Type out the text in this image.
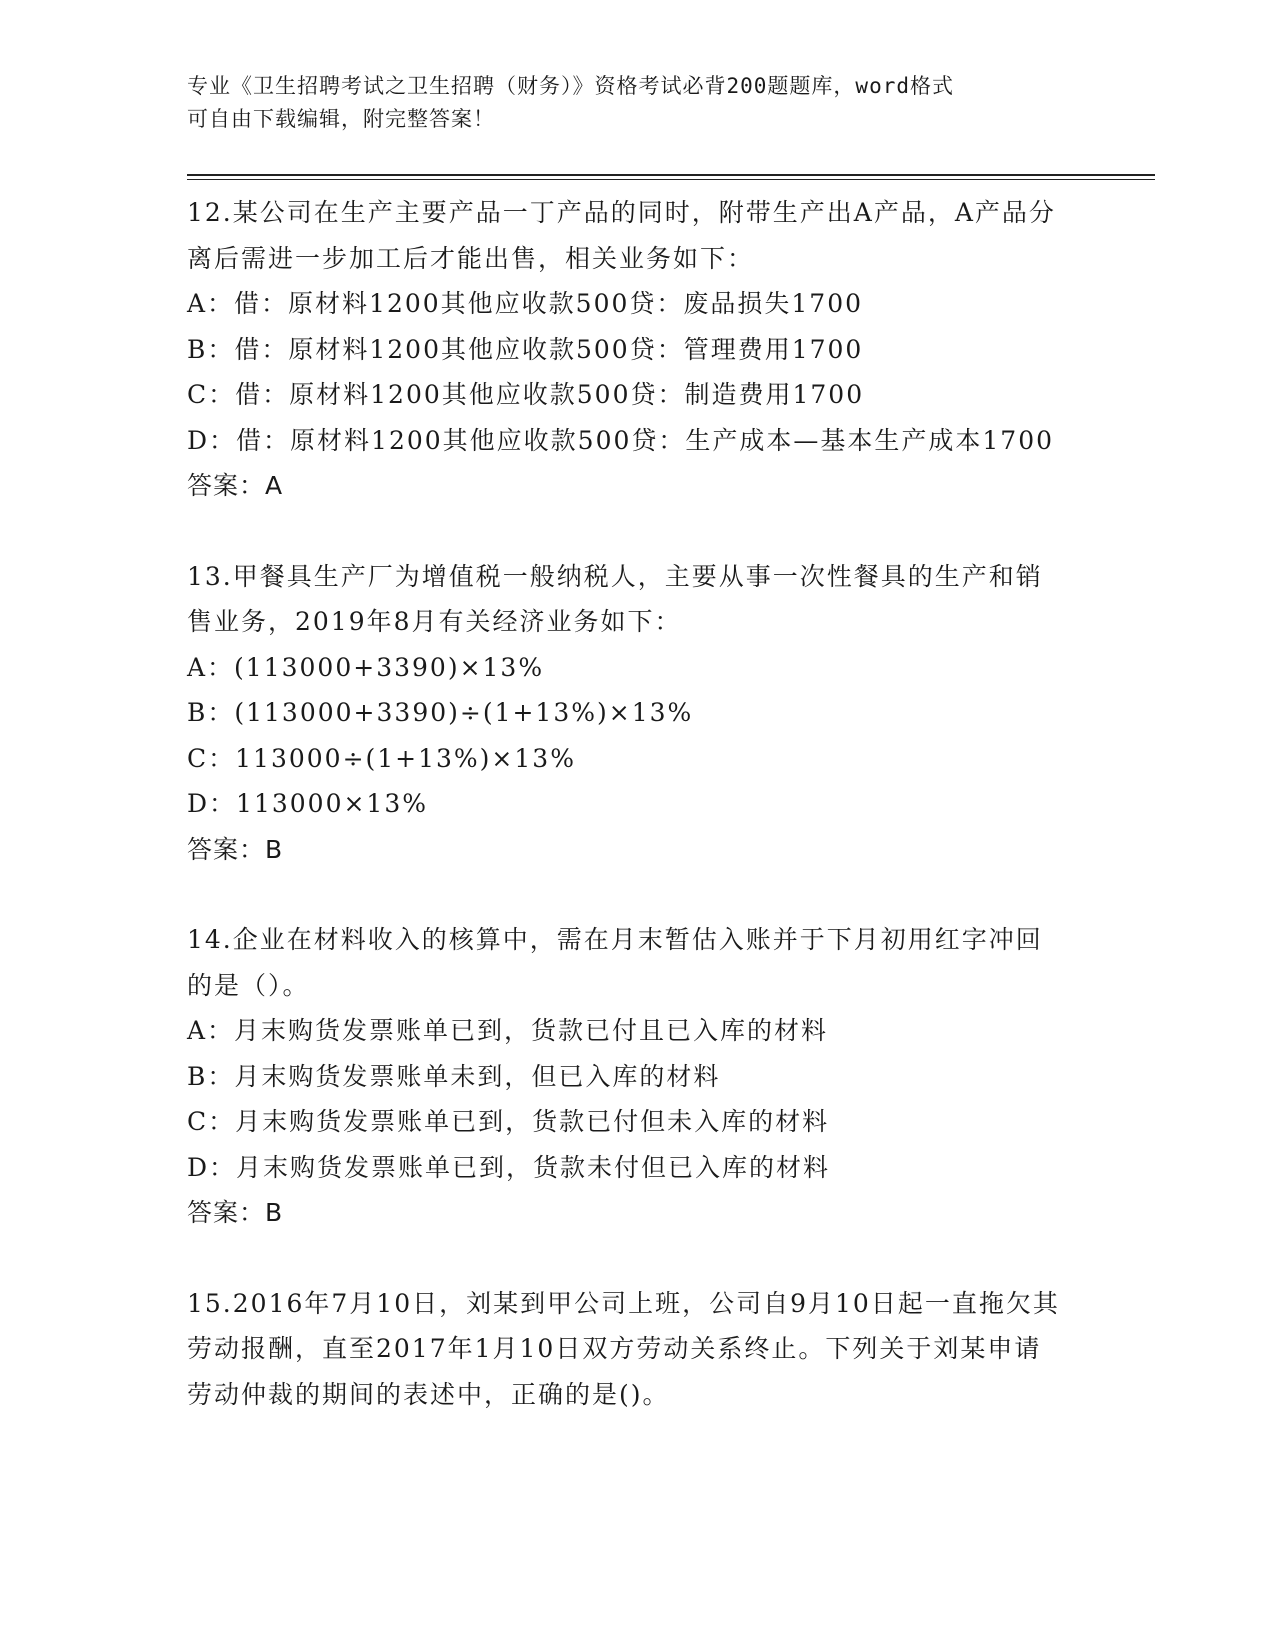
专业《卫生招聘考试之卫生招聘（财务）》资格考试必背200题题库，word格式
可自由下载编辑，附完整答案！
12.某公司在生产主要产品一丁产品的同时，附带生产出A产品，A产品分离后需进一步加工后才能出售，相关业务如下：
A：借：原材料1200其他应收款500贷：废品损失1700
B：借：原材料1200其他应收款500贷：管理费用1700
C：借：原材料1200其他应收款500贷：制造费用1700
D：借：原材料1200其他应收款500贷：生产成本—基本生产成本1700
答案：A
13.甲餐具生产厂为增值税一般纳税人，主要从事一次性餐具的生产和销售业务，2019年8月有关经济业务如下：
A：(113000+3390)×13%
B：(113000+3390)÷(1+13%)×13%
C：113000÷(1+13%)×13%
D：113000×13%
答案：B
14.企业在材料收入的核算中，需在月末暂估入账并于下月初用红字冲回的是（）。
A：月末购货发票账单已到，货款已付且已入库的材料
B：月末购货发票账单未到，但已入库的材料
C：月末购货发票账单已到，货款已付但未入库的材料
D：月末购货发票账单已到，货款未付但已入库的材料
答案：B
15.2016年7月10日，刘某到甲公司上班，公司自9月10日起一直拖欠其劳动报酬，直至2017年1月10日双方劳动关系终止。下列关于刘某申请劳动仲裁的期间的表述中，正确的是()。
